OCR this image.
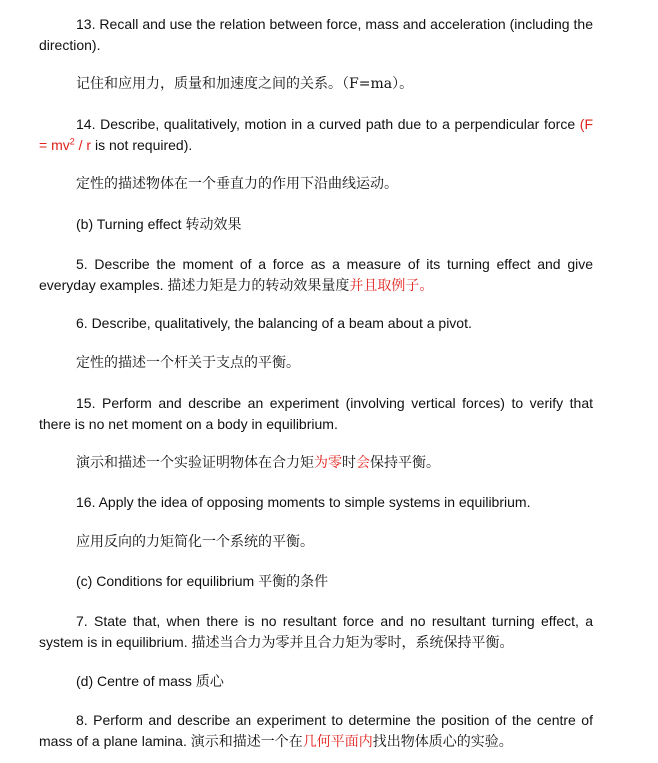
13. Recall and use the relation between force, mass and acceleration (including the direction).

记住和应用力，质量和加速度之间的关系。（F=ma）。

14. Describe, qualitatively, motion in a curved path due to a perpendicular force ($F = mv^2 / r$ is not required).

定性的描述物体在一个垂直力的作用下沿曲线运动。

(b) Turning effect 转动效果

5. Describe the moment of a force as a measure of its turning effect and give everyday examples. 描述力矩是力的转动效果量度并且取例子。

6. Describe, qualitatively, the balancing of a beam about a pivot.

定性的描述一个杆关于支点的平衡。

15. Perform and describe an experiment (involving vertical forces) to verify that there is no net moment on a body in equilibrium.

演示和描述一个实验证明物体在合力矩为零时会保持平衡。

16. Apply the idea of opposing moments to simple systems in equilibrium.

应用反向的力矩简化一个系统的平衡。

(c) Conditions for equilibrium 平衡的条件

7. State that, when there is no resultant force and no resultant turning effect, a system is in equilibrium. 描述当合力为零并且合力矩为零时，系统保持平衡。

(d) Centre of mass 质心

8. Perform and describe an experiment to determine the position of the centre of mass of a plane lamina. 演示和描述一个在几何平面内找出物体质心的实验。
